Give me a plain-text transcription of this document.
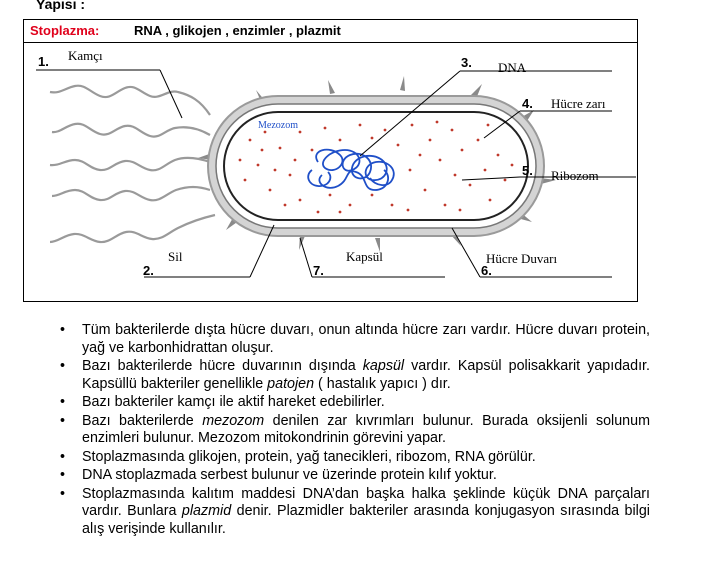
Yapısı :
Stoplazma:	RNA , glikojen , enzimler , plazmit
1.
2.
3.
4.
5.
6.
7.
Kamçı
Sil
DNA
Hücre zarı
Ribozom
Hücre Duvarı
Kapsül
Mezozom
• Tüm bakterilerde dışta hücre duvarı, onun altında hücre zarı vardır. Hücre duvarı protein, yağ ve karbonhidrattan oluşur.
• Bazı bakterilerde hücre duvarının dışında kapsül vardır. Kapsül polisakkarit yapıdadır. Kapsüllü bakteriler genellikle patojen ( hastalık yapıcı ) dır.
• Bazı bakteriler kamçı ile aktif hareket edebilirler.
• Bazı bakterilerde mezozom denilen zar kıvrımları bulunur. Burada oksijenli solunum enzimleri bulunur. Mezozom mitokondrinin görevini yapar.
• Stoplazmasında glikojen, protein, yağ tanecikleri, ribozom, RNA görülür.
• DNA stoplazmada serbest bulunur ve üzerinde protein kılıf yoktur.
• Stoplazmasında kalıtım maddesi DNA’dan başka halka şeklinde küçük DNA parçaları vardır. Bunlara plazmid denir. Plazmidler bakteriler arasında konjugasyon sırasında bilgi alış verişinde kullanılır.
